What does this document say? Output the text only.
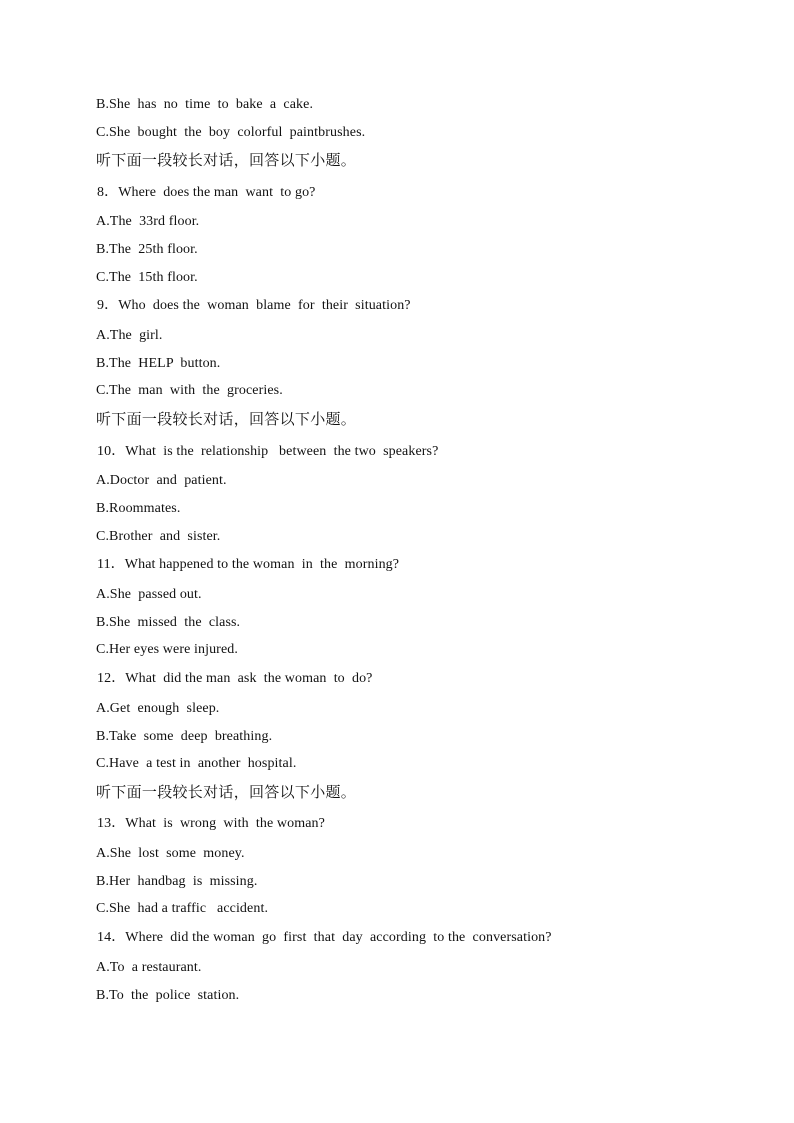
B.She  has  no  time  to  bake  a  cake.
C.She  bought  the  boy  colorful  paintbrushes.
听下面一段较长对话，回答以下小题。
8．Where  does the man  want  to go?
A.The  33rd floor.
B.The  25th floor.
C.The  15th floor.
9．Who  does the  woman  blame  for  their  situation?
A.The  girl.
B.The  HELP  button.
C.The  man  with  the  groceries.
听下面一段较长对话，回答以下小题。
10．What  is the  relationship   between  the two  speakers?
A.Doctor  and  patient.
B.Roommates.
C.Brother  and  sister.
11．What happened to the woman  in  the  morning?
A.She  passed out.
B.She  missed  the  class.
C.Her eyes were injured.
12．What  did the man  ask  the woman  to  do?
A.Get  enough  sleep.
B.Take  some  deep  breathing.
C.Have  a test in  another  hospital.
听下面一段较长对话，回答以下小题。
13．What  is  wrong  with  the woman?
A.She  lost  some  money.
B.Her  handbag  is  missing.
C.She  had a traffic   accident.
14．Where  did the woman  go  first  that  day  according  to the  conversation?
A.To  a restaurant.
B.To  the  police  station.
